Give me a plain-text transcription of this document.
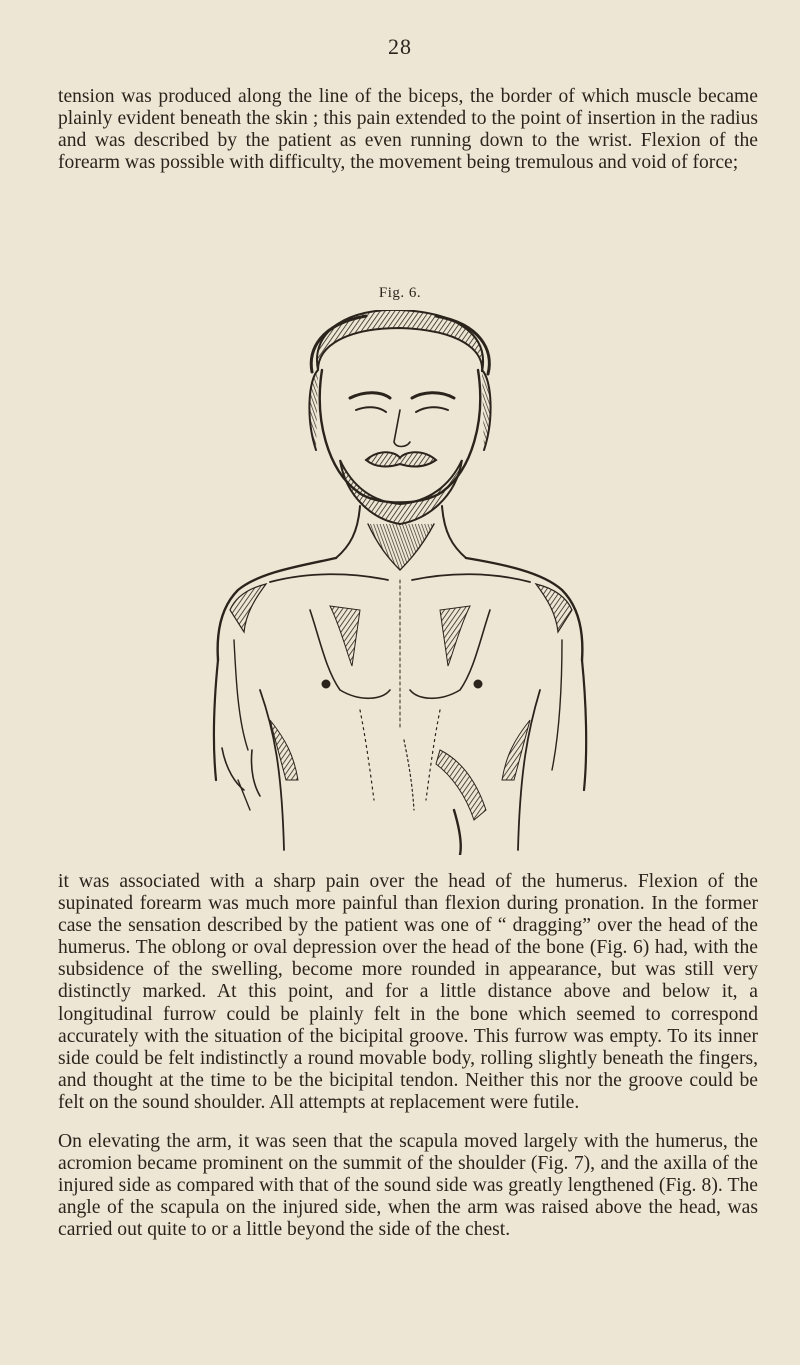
28

tension was produced along the line of the biceps, the border of which muscle became plainly evident beneath the skin ; this pain extended to the point of insertion in the radius and was described by the patient as even running down to the wrist. Flexion of the forearm was possible with difficulty, the movement being tremulous and void of force;

Fig. 6.

it was associated with a sharp pain over the head of the humerus. Flexion of the supinated forearm was much more painful than flexion during pronation. In the former case the sensation described by the patient was one of “ dragging” over the head of the humerus. The oblong or oval depression over the head of the bone (Fig. 6) had, with the subsidence of the swelling, become more rounded in appearance, but was still very distinctly marked. At this point, and for a little distance above and below it, a longitudinal furrow could be plainly felt in the bone which seemed to correspond accurately with the situation of the bicipital groove. This furrow was empty. To its inner side could be felt indistinctly a round movable body, rolling slightly beneath the fingers, and thought at the time to be the bicipital tendon. Neither this nor the groove could be felt on the sound shoulder. All attempts at replacement were futile.

On elevating the arm, it was seen that the scapula moved largely with the humerus, the acromion became prominent on the summit of the shoulder (Fig. 7), and the axilla of the injured side as compared with that of the sound side was greatly lengthened (Fig. 8). The angle of the scapula on the injured side, when the arm was raised above the head, was carried out quite to or a little beyond the side of the chest.
